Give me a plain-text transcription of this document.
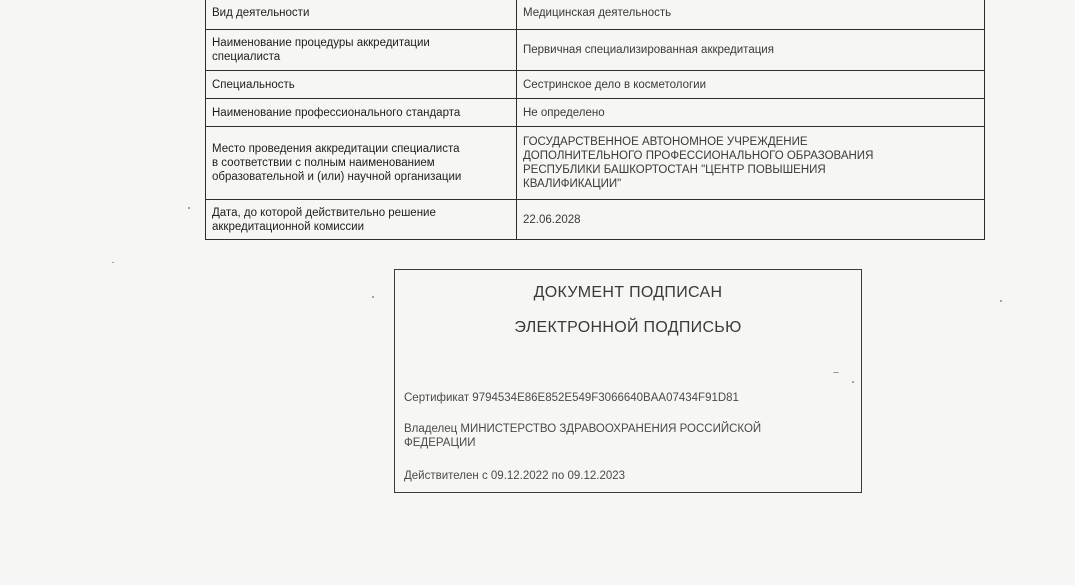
Вид деятельности	Медицинская деятельность
Наименование процедуры аккредитации
специалиста	Первичная специализированная аккредитация
Специальность	Сестринское дело в косметологии
Наименование профессионального стандарта	Не определено
Место проведения аккредитации специалиста
в соответствии с полным наименованием
образовательной и (или) научной организации	ГОСУДАРСТВЕННОЕ АВТОНОМНОЕ УЧРЕЖДЕНИЕ
ДОПОЛНИТЕЛЬНОГО ПРОФЕССИОНАЛЬНОГО ОБРАЗОВАНИЯ
РЕСПУБЛИКИ БАШКОРТОСТАН "ЦЕНТР ПОВЫШЕНИЯ
КВАЛИФИКАЦИИ"
Дата, до которой действительно решение
аккредитационной комиссии	22.06.2028
ДОКУМЕНТ ПОДПИСАН
ЭЛЕКТРОННОЙ ПОДПИСЬЮ
Сертификат 9794534E86E852E549F3066640BAA07434F91D81
Владелец МИНИСТЕРСТВО ЗДРАВООХРАНЕНИЯ РОССИЙСКОЙ
ФЕДЕРАЦИИ
Действителен с 09.12.2022 по 09.12.2023
